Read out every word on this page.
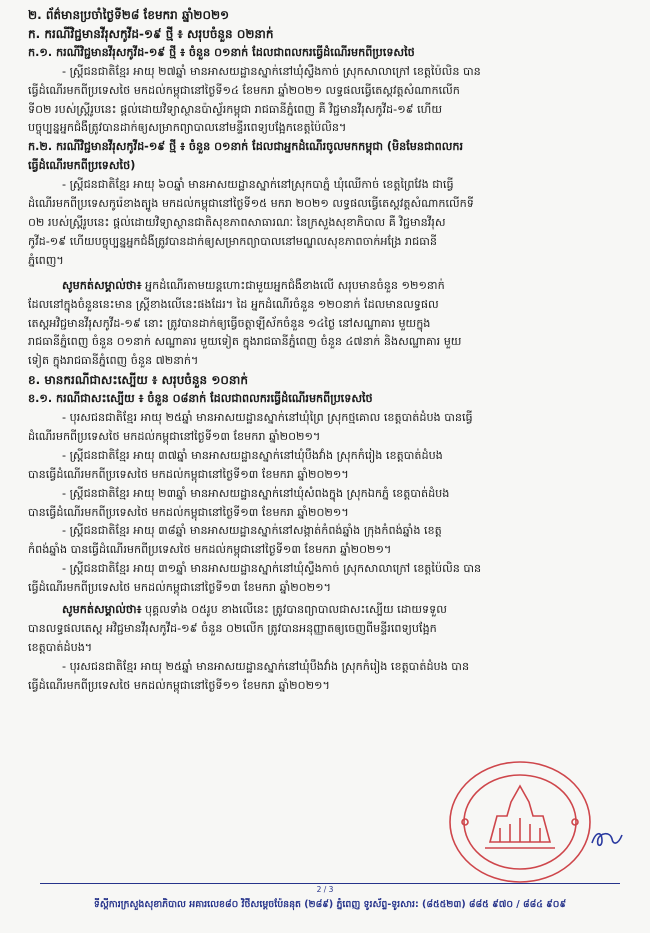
២. ព័ត៌មានប្រចាំថ្ងៃទី២៨ ខែមករា ឆ្នាំ២០២១

ក. ករណីវិជ្ជមានវីរុសកូវីដ-១៩ ថ្មី ៖ សរុបចំនួន ០២នាក់

ក.១. ករណីវិជ្ជមានវីរុសកូវីដ-១៩ ថ្មី ៖ ចំនួន ០១នាក់ ដែលជាពលករធ្វើដំណើរមកពីប្រទេសថៃ

- ស្ត្រីជនជាតិខ្មែរ អាយុ ២៧ឆ្នាំ មានអាសយដ្ឋានស្នាក់នៅឃុំស្ទឹងកាច់ ស្រុកសាលាក្រៅ ខេត្តប៉ៃលិន បាន

ធ្វើដំណើរមកពីប្រទេសថៃ មកដល់កម្ពុជានៅថ្ងៃទី១៤ ខែមករា ឆ្នាំ២០២១ លទ្ធផលធ្វើតេស្តវត្តសំណាកលើក

ទី០២ របស់ស្ត្រីរូបនេះ ផ្តល់ដោយវិទ្យាស្ថានប៉ាស្ទ័រកម្ពុជា រាជធានីភ្នំពេញ គឺ វិជ្ជមានវីរុសកូវីដ-១៩ ហើយ

បច្ចុប្បន្នអ្នកជំងឺត្រូវបានដាក់ឲ្យសម្រាកព្យាបាលនៅមន្ទីរពេទ្យបង្អែកខេត្តប៉ៃលិន។

ក.២. ករណីវិជ្ជមានវីរុសកូវីដ-១៩ ថ្មី ៖ ចំនួន ០១នាក់ ដែលជាអ្នកដំណើរចូលមកកម្ពុជា (មិនមែនជាពលករ

ធ្វើដំណើរមកពីប្រទេសថៃ)

- ស្ត្រីជនជាតិខ្មែរ អាយុ ៦០ឆ្នាំ មានអាសយដ្ឋានស្នាក់នៅស្រុកបាភ្នំ ឃុំឈើកាច់ ខេត្តព្រៃវែង ជាធ្វើ

ដំណើរមកពីប្រទេសកូរ៉េខាងត្បូង មកដល់កម្ពុជានៅថ្ងៃទី១៥ មករា ២០២១ លទ្ធផលធ្វើតេស្តវត្តសំណាកលើកទី

០២ របស់ស្ត្រីរូបនេះ ផ្តល់ដោយវិទ្យាស្ថានជាតិសុខភាពសាធារណៈ នៃក្រសួងសុខាភិបាល គឺ វិជ្ជមានវីរុស

កូវីដ-១៩ ហើយបច្ចុប្បន្នអ្នកជំងឺត្រូវបានដាក់ឲ្យសម្រាកព្យាបាលនៅមណ្ឌលសុខភាពចាក់អង្រែ រាជធានី

ភ្នំពេញ។

សូមកត់សម្គាល់ថា៖ អ្នកដំណើរតាមយន្តហោះជាមួយអ្នកជំងឺខាងលើ សរុបមានចំនួន ១២១នាក់

ដែលនៅក្នុងចំនួននេះមាន ស្ត្រីខាងលើនេះផងដែរ។ ដៃ អ្នកដំណើរចំនួន ១២០នាក់ ដែលមានលទ្ធផល

តេស្តអវិជ្ជមានវីរុសកូវីដ-១៩ នោះ ត្រូវបានដាក់ឲ្យធ្វើចត្តាឡីស័កចំនួន ១៤ថ្ងៃ នៅសណ្ឋាគារ មួយក្នុង

រាជធានីភ្នំពេញ ចំនួន ០១នាក់ សណ្ឋាគារ មួយទៀត ក្នុងរាជធានីភ្នំពេញ ចំនួន ៤៧នាក់ និងសណ្ឋាគារ មួយ

ទៀត ក្នុងរាជធានីភ្នំពេញ ចំនួន ៧២នាក់។

ខ. មានករណីជាសះស្បើយ ៖ សរុបចំនួន ១០នាក់

ខ.១. ករណីជាសះស្បើយ ៖ ចំនួន ០៨នាក់ ដែលជាពលករធ្វើដំណើរមកពីប្រទេសថៃ

- បុរសជនជាតិខ្មែរ អាយុ ២៥ឆ្នាំ មានអាសយដ្ឋានស្នាក់នៅឃុំព្រៃ ស្រុកថ្មគោល ខេត្តបាត់ដំបង បានធ្វើ

ដំណើរមកពីប្រទេសថៃ មកដល់កម្ពុជានៅថ្ងៃទី១៣ ខែមករា ឆ្នាំ២០២១។

- ស្ត្រីជនជាតិខ្មែរ អាយុ ៣៧ឆ្នាំ មានអាសយដ្ឋានស្នាក់នៅឃុំបឹងវាំង ស្រុកកំរៀង ខេត្តបាត់ដំបង

បានធ្វើដំណើរមកពីប្រទេសថៃ មកដល់កម្ពុជានៅថ្ងៃទី១៣ ខែមករា ឆ្នាំ២០២១។

- ស្ត្រីជនជាតិខ្មែរ អាយុ ២៣ឆ្នាំ មានអាសយដ្ឋានស្នាក់នៅឃុំសំពងក្នុង ស្រុកឯកភ្នំ ខេត្តបាត់ដំបង

បានធ្វើដំណើរមកពីប្រទេសថៃ មកដល់កម្ពុជានៅថ្ងៃទី១៣ ខែមករា ឆ្នាំ២០២១។

- ស្ត្រីជនជាតិខ្មែរ អាយុ ៣៨ឆ្នាំ មានអាសយដ្ឋានស្នាក់នៅសង្កាត់កំពង់ឆ្នាំង ក្រុងកំពង់ឆ្នាំង ខេត្ត

កំពង់ឆ្នាំង បានធ្វើដំណើរមកពីប្រទេសថៃ មកដល់កម្ពុជានៅថ្ងៃទី១៣ ខែមករា ឆ្នាំ២០២១។

- ស្ត្រីជនជាតិខ្មែរ អាយុ ៣១ឆ្នាំ មានអាសយដ្ឋានស្នាក់នៅឃុំស្ទឹងកាច់ ស្រុកសាលាក្រៅ ខេត្តប៉ៃលិន បាន

ធ្វើដំណើរមកពីប្រទេសថៃ មកដល់កម្ពុជានៅថ្ងៃទី១៣ ខែមករា ឆ្នាំ២០២១។

សូមកត់សម្គាល់ថា៖ បុគ្គលទាំង ០៥រូប ខាងលើនេះ ត្រូវបានព្យាបាលជាសះស្បើយ ដោយទទួល

បានលទ្ធផលតេស្ត អវិជ្ជមានវីរុសកូវីដ-១៩ ចំនួន ០២លើក ត្រូវបានអនុញ្ញាតឲ្យចេញពីមន្ទីរពេទ្យបង្អែក

ខេត្តបាត់ដំបង។

- បុរសជនជាតិខ្មែរ អាយុ ២៥ឆ្នាំ មានអាសយដ្ឋានស្នាក់នៅឃុំបឹងវាំង ស្រុកកំរៀង ខេត្តបាត់ដំបង បាន

ធ្វើដំណើរមកពីប្រទេសថៃ មកដល់កម្ពុជានៅថ្ងៃទី១១ ខែមករា ឆ្នាំ២០២១។

2 / 3
ទីស្តីការក្រសួងសុខាភិបាល អគារលេខ៨០ វិថីសម្តេចប៉ែននុត (២៨៩) ភ្នំពេញ ទូរស័ព្ទ-ទូរសារ: (៨៥៥២៣) ៨៨៥ ៩៧០ / ៨៨៤ ៩០៩
